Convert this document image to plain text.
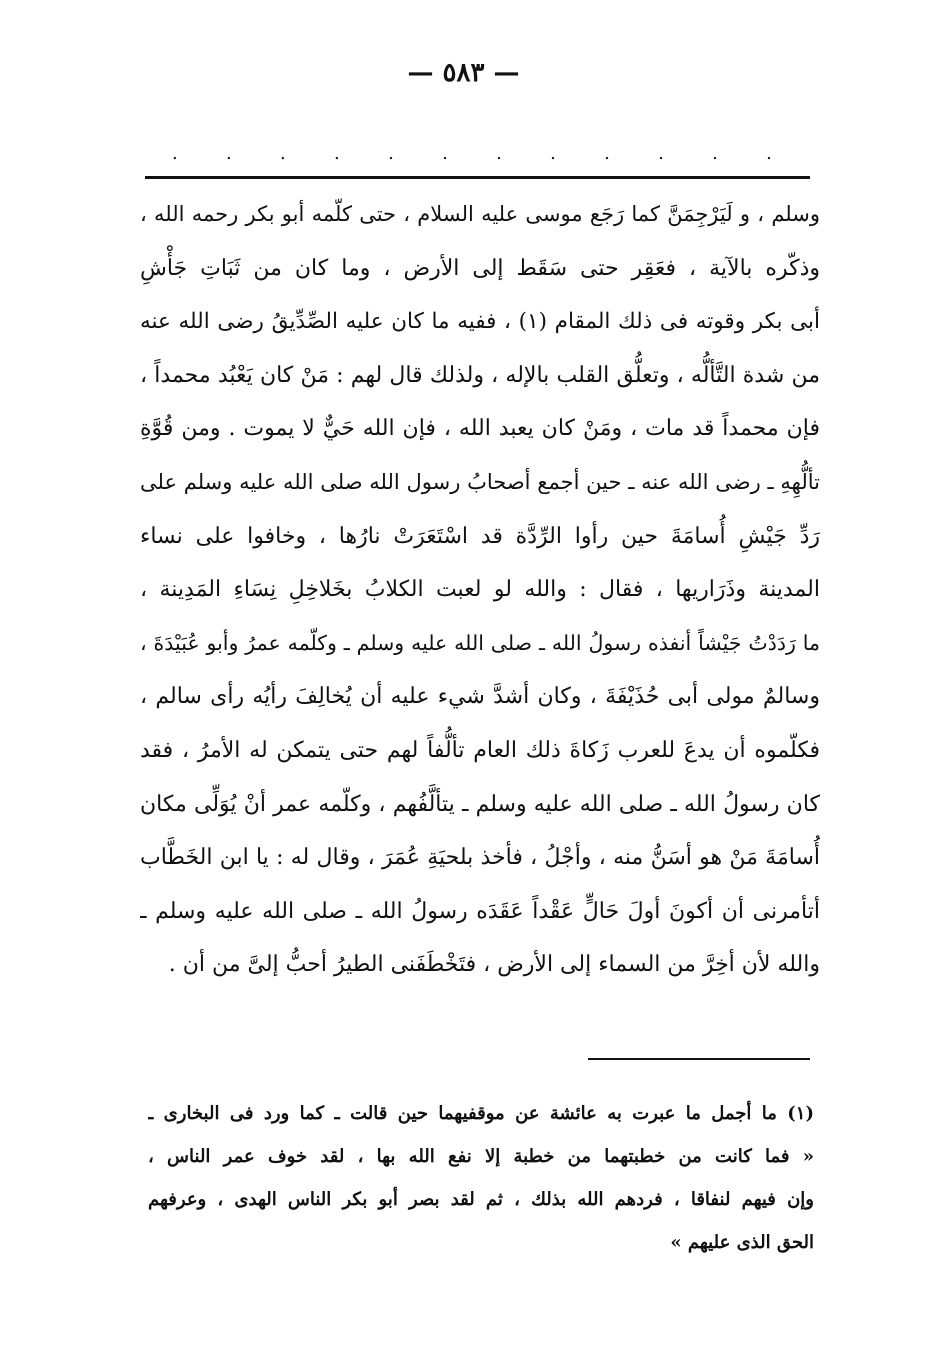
— ٥٨٣ —
.	.	.	.	.	.	.	.	.	.	.	.
وسلم ، و لَيَرْجِمَنَّ كما رَجَع موسى عليه السلام ، حتى كلّمه أبو بكر رحمه الله ،
وذكّره بالآية ، فعَقِر حتى سَقَط إلى الأرض ، وما كان من ثَبَاتِ جَأْشِ
أبى بكر وقوته فى ذلك المقام (١) ، ففيه ما كان عليه الصِّدِّيقُ رضى الله عنه
من شدة التَّألُّه ، وتعلُّق القلب بالإله ، ولذلك قال لهم : مَنْ كان يَعْبُد محمداً ،
فإن محمداً قد مات ، ومَنْ كان يعبد الله ، فإن الله حَيٌّ لا يموت . ومن قُوَّةِ
تألُّهِهِ ـ رضى الله عنه ـ حين أجمع أصحابُ رسول الله صلى الله عليه وسلم على
رَدِّ جَيْشِ أُسامَةَ حين رأوا الرِّدَّة قد اسْتَعَرَتْ نارُها ، وخافوا على نساء
المدينة وذَرَاريها ، فقال : والله لو لعبت الكلابُ بخَلاخِلِ نِسَاءِ المَدِينة ،
ما رَدَدْتُ جَيْشاً أنفذه رسولُ الله ـ صلى الله عليه وسلم ـ وكلّمه عمرُ وأبو عُبَيْدَةَ ،
وسالمٌ مولى أبى حُذَيْفَةَ ، وكان أشدَّ شيء عليه أن يُخالِفَ رأيُه رأى سالم ،
فكلّموه أن يدعَ للعرب زَكاةَ ذلك العام تألُّفاً لهم حتى يتمكن له الأمرُ ، فقد
كان رسولُ الله ـ صلى الله عليه وسلم ـ يتألَّفُهم ، وكلّمه عمر أنْ يُوَلِّى مكان
أُسامَةَ مَنْ هو أسَنُّ منه ، وأجْلُ ، فأخذ بلحيَةِ عُمَرَ ، وقال له : يا ابن الخَطَّاب
أتأمرنى أن أكونَ أولَ حَالٍّ عَقْداً عَقَدَه رسولُ الله ـ صلى الله عليه وسلم ـ
والله لأن أخِرَّ من السماء إلى الأرض ، فتَخْطَفَنى الطيرُ أحبُّ إلىَّ من أن .
(١) ما أجمل ما عبرت به عائشة عن موقفيهما حين قالت ـ كما ورد فى البخارى ـ
« فما كانت من خطبتهما من خطبة إلا نفع الله بها ، لقد خوف عمر الناس ،
وإن فيهم لنفاقا ، فردهم الله بذلك ، ثم لقد بصر أبو بكر الناس الهدى ، وعرفهم
الحق الذى عليهم »
